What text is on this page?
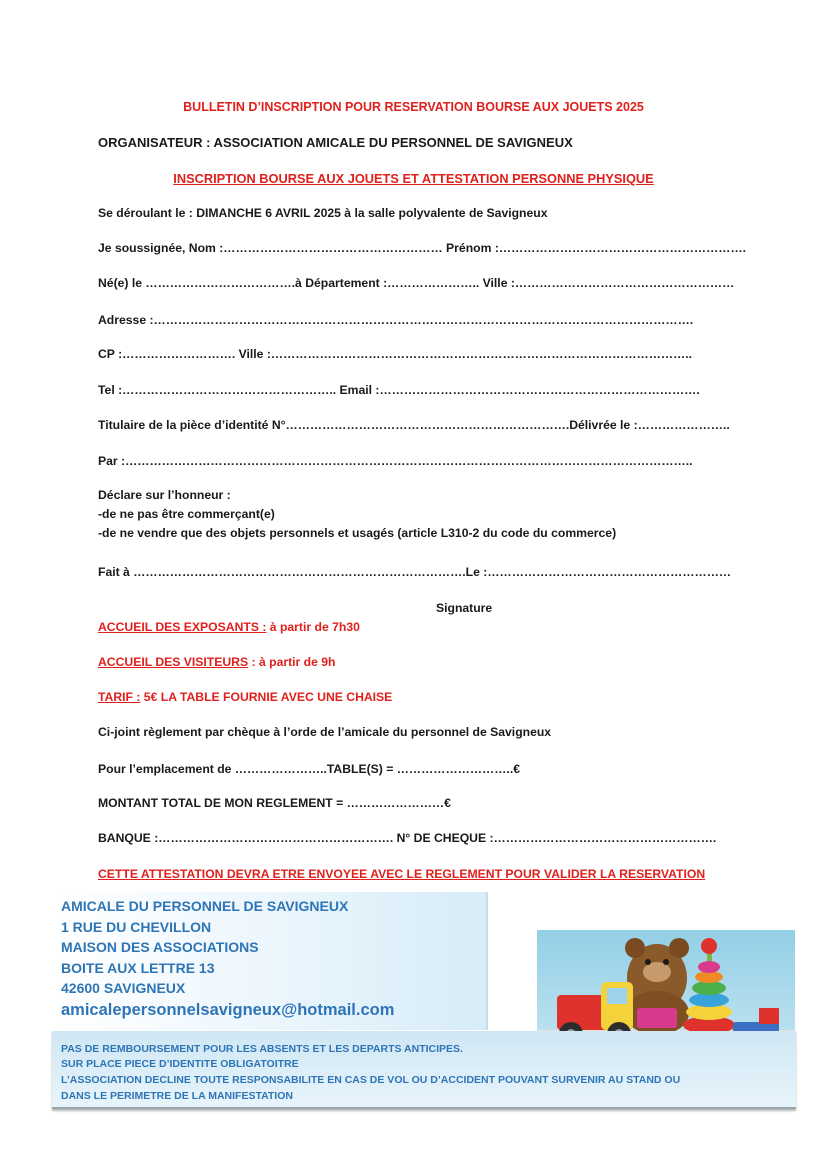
BULLETIN D’INSCRIPTION POUR RESERVATION BOURSE AUX JOUETS 2025
ORGANISATEUR : ASSOCIATION AMICALE DU PERSONNEL DE SAVIGNEUX
INSCRIPTION BOURSE AUX JOUETS ET ATTESTATION PERSONNE PHYSIQUE
Se déroulant le : DIMANCHE 6 AVRIL 2025 à la salle polyvalente de Savigneux
Je soussignée, Nom :……………………………………………… Prénom :…………………………………………………….
Né(e) le ……………………………….à Département :………………….. Ville :………………………………………………
Adresse :…………………………………………………………………………………………………………………….
CP :………………………. Ville :…………………………………………………………………………………………..
Tel :…………………………………………….. Email :…………………………………………………………………….
Titulaire de la pièce d’identité N°…………………………………………………………….Délivrée le :…………………..
Par :…………………………………………………………………………………………………………………………..
Déclare sur l’honneur :
-de ne pas être commerçant(e)
-de ne vendre que des objets personnels et usagés (article L310-2 du code du commerce)
Fait à ……………………………………………………………………….Le :……………………………………………………
Signature
ACCUEIL DES EXPOSANTS : à partir de 7h30
ACCUEIL DES VISITEURS : à partir de 9h
TARIF : 5€ LA TABLE FOURNIE AVEC UNE CHAISE
Ci-joint règlement par chèque à l’orde de l’amicale du personnel de Savigneux
Pour l’emplacement de …………………..TABLE(S) = ………………………..€
MONTANT TOTAL DE MON REGLEMENT = ……………………€
BANQUE :…………………………………………………. N° DE CHEQUE :……………………………………………….
CETTE ATTESTATION DEVRA ETRE ENVOYEE AVEC LE REGLEMENT POUR VALIDER LA RESERVATION
AMICALE DU PERSONNEL DE SAVIGNEUX
1 RUE DU CHEVILLON
MAISON DES ASSOCIATIONS
BOITE AUX LETTRE 13
42600 SAVIGNEUX
amicalepersonnelsavigneux@hotmail.com
PAS DE REMBOURSEMENT POUR LES ABSENTS ET LES DEPARTS ANTICIPES.
SUR PLACE PIECE D’IDENTITE OBLIGATOITRE
L’ASSOCIATION DECLINE TOUTE RESPONSABILITE EN CAS DE VOL OU D’ACCIDENT POUVANT SURVENIR AU STAND OU
DANS LE PERIMETRE DE LA MANIFESTATION
